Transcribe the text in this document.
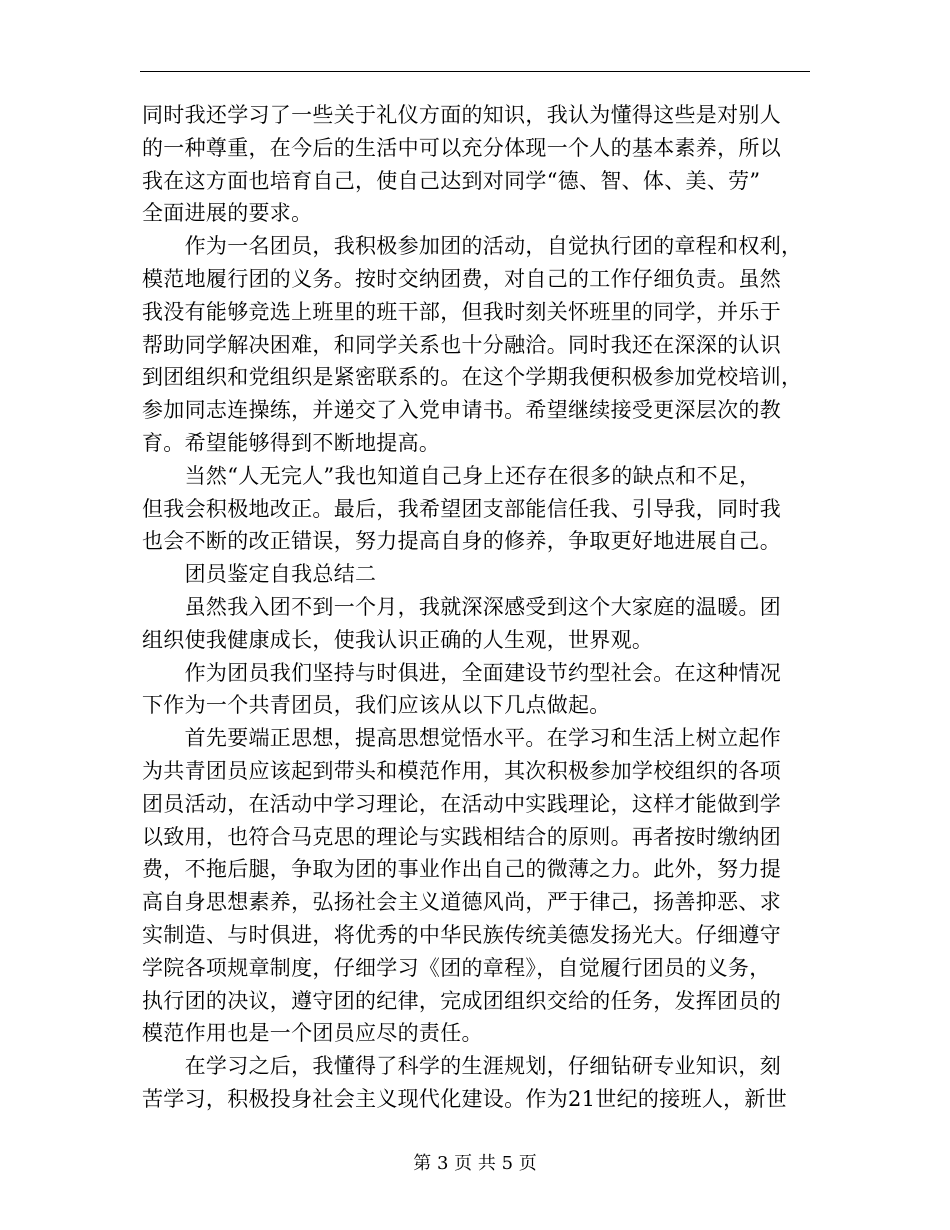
同时我还学习了一些关于礼仪方面的知识，我认为懂得这些是对别人
的一种尊重，在今后的生活中可以充分体现一个人的基本素养，所以
我在这方面也培育自己，使自己达到对同学“德、智、体、美、劳”
全面进展的要求。
　　作为一名团员，我积极参加团的活动，自觉执行团的章程和权利，
模范地履行团的义务。按时交纳团费，对自己的工作仔细负责。虽然
我没有能够竞选上班里的班干部，但我时刻关怀班里的同学，并乐于
帮助同学解决困难，和同学关系也十分融洽。同时我还在深深的认识
到团组织和党组织是紧密联系的。在这个学期我便积极参加党校培训，
参加同志连操练，并递交了入党申请书。希望继续接受更深层次的教
育。希望能够得到不断地提高。
　　当然“人无完人”我也知道自己身上还存在很多的缺点和不足，
但我会积极地改正。最后，我希望团支部能信任我、引导我，同时我
也会不断的改正错误，努力提高自身的修养，争取更好地进展自己。
　　团员鉴定自我总结二
　　虽然我入团不到一个月，我就深深感受到这个大家庭的温暖。团
组织使我健康成长，使我认识正确的人生观，世界观。
　　作为团员我们坚持与时俱进，全面建设节约型社会。在这种情况
下作为一个共青团员，我们应该从以下几点做起。
　　首先要端正思想，提高思想觉悟水平。在学习和生活上树立起作
为共青团员应该起到带头和模范作用，其次积极参加学校组织的各项
团员活动，在活动中学习理论，在活动中实践理论，这样才能做到学
以致用，也符合马克思的理论与实践相结合的原则。再者按时缴纳团
费，不拖后腿，争取为团的事业作出自己的微薄之力。此外，努力提
高自身思想素养，弘扬社会主义道德风尚，严于律己，扬善抑恶、求
实制造、与时俱进，将优秀的中华民族传统美德发扬光大。仔细遵守
学院各项规章制度，仔细学习《团的章程》，自觉履行团员的义务，
执行团的决议，遵守团的纪律，完成团组织交给的任务，发挥团员的
模范作用也是一个团员应尽的责任。
　　在学习之后，我懂得了科学的生涯规划，仔细钻研专业知识，刻
苦学习，积极投身社会主义现代化建设。作为21世纪的接班人，新世
第 3 页 共 5 页
